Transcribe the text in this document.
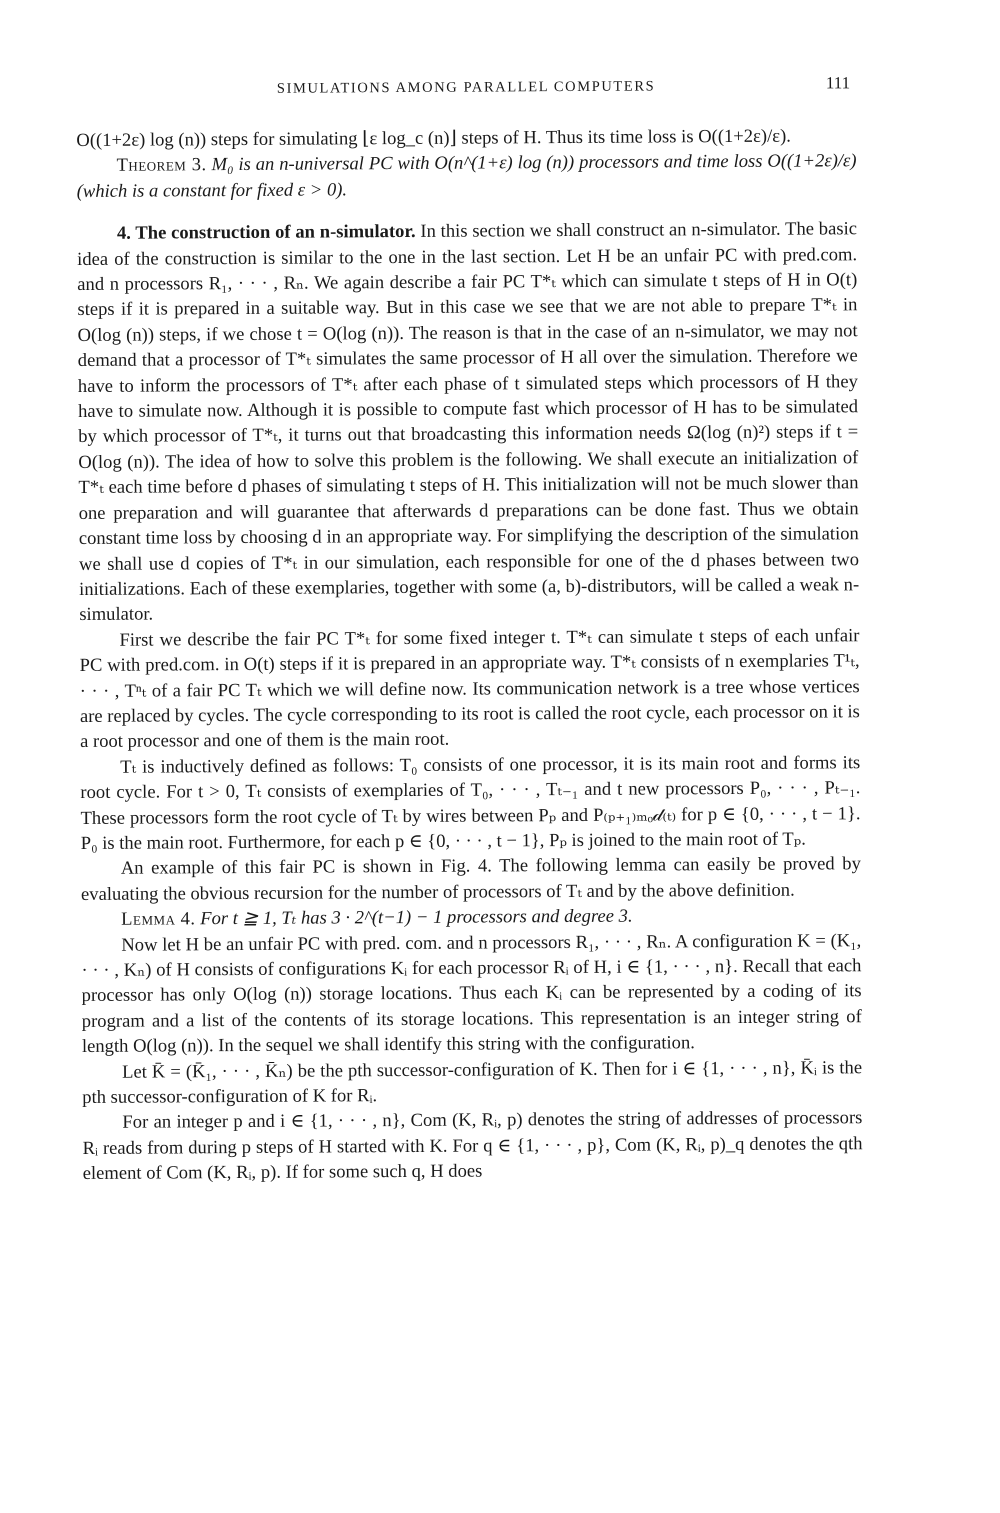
SIMULATIONS AMONG PARALLEL COMPUTERS	111

O((1+2ε) log (n)) steps for simulating ⌊ε log_c (n)⌋ steps of H. Thus its time loss is O((1+2ε)/ε).

Theorem 3. M₀ is an n-universal PC with O(n^(1+ε) log (n)) processors and time loss O((1+2ε)/ε) (which is a constant for fixed ε > 0).

4. The construction of an n-simulator. In this section we shall construct an n-simulator. The basic idea of the construction is similar to the one in the last section. Let H be an unfair PC with pred.com. and n processors R₁, · · · , Rₙ. We again describe a fair PC T*ₜ which can simulate t steps of H in O(t) steps if it is prepared in a suitable way. But in this case we see that we are not able to prepare T*ₜ in O(log (n)) steps, if we chose t = O(log (n)). The reason is that in the case of an n-simulator, we may not demand that a processor of T*ₜ simulates the same processor of H all over the simulation. Therefore we have to inform the processors of T*ₜ after each phase of t simulated steps which processors of H they have to simulate now. Although it is possible to compute fast which processor of H has to be simulated by which processor of T*ₜ, it turns out that broadcasting this information needs Ω(log (n)²) steps if t = O(log (n)). The idea of how to solve this problem is the following. We shall execute an initialization of T*ₜ each time before d phases of simulating t steps of H. This initialization will not be much slower than one preparation and will guarantee that afterwards d preparations can be done fast. Thus we obtain constant time loss by choosing d in an appropriate way. For simplifying the description of the simulation we shall use d copies of T*ₜ in our simulation, each responsible for one of the d phases between two initializations. Each of these exemplaries, together with some (a, b)-distributors, will be called a weak n-simulator.

First we describe the fair PC T*ₜ for some fixed integer t. T*ₜ can simulate t steps of each unfair PC with pred.com. in O(t) steps if it is prepared in an appropriate way. T*ₜ consists of n exemplaries T¹ₜ, · · · , Tⁿₜ of a fair PC Tₜ which we will define now. Its communication network is a tree whose vertices are replaced by cycles. The cycle corresponding to its root is called the root cycle, each processor on it is a root processor and one of them is the main root.

Tₜ is inductively defined as follows: T₀ consists of one processor, it is its main root and forms its root cycle. For t > 0, Tₜ consists of exemplaries of T₀, · · · , Tₜ₋₁ and t new processors P₀, · · · , Pₜ₋₁. These processors form the root cycle of Tₜ by wires between Pₚ and P₍ₚ₊₁₎ₘₒ𝒹₍ₜ₎ for p ∈ {0, · · · , t − 1}. P₀ is the main root. Furthermore, for each p ∈ {0, · · · , t − 1}, Pₚ is joined to the main root of Tₚ.

An example of this fair PC is shown in Fig. 4. The following lemma can easily be proved by evaluating the obvious recursion for the number of processors of Tₜ and by the above definition.

Lemma 4. For t ≧ 1, Tₜ has 3 · 2^(t−1) − 1 processors and degree 3.

Now let H be an unfair PC with pred. com. and n processors R₁, · · · , Rₙ. A configuration K = (K₁, · · · , Kₙ) of H consists of configurations Kᵢ for each processor Rᵢ of H, i ∈ {1, · · · , n}. Recall that each processor has only O(log (n)) storage locations. Thus each Kᵢ can be represented by a coding of its program and a list of the contents of its storage locations. This representation is an integer string of length O(log (n)). In the sequel we shall identify this string with the configuration.

Let K̄ = (K̄₁, · · · , K̄ₙ) be the pth successor-configuration of K. Then for i ∈ {1, · · · , n}, K̄ᵢ is the pth successor-configuration of K for Rᵢ.

For an integer p and i ∈ {1, · · · , n}, Com (K, Rᵢ, p) denotes the string of addresses of processors Rᵢ reads from during p steps of H started with K. For q ∈ {1, · · · , p}, Com (K, Rᵢ, p)_q denotes the qth element of Com (K, Rᵢ, p). If for some such q, H does
